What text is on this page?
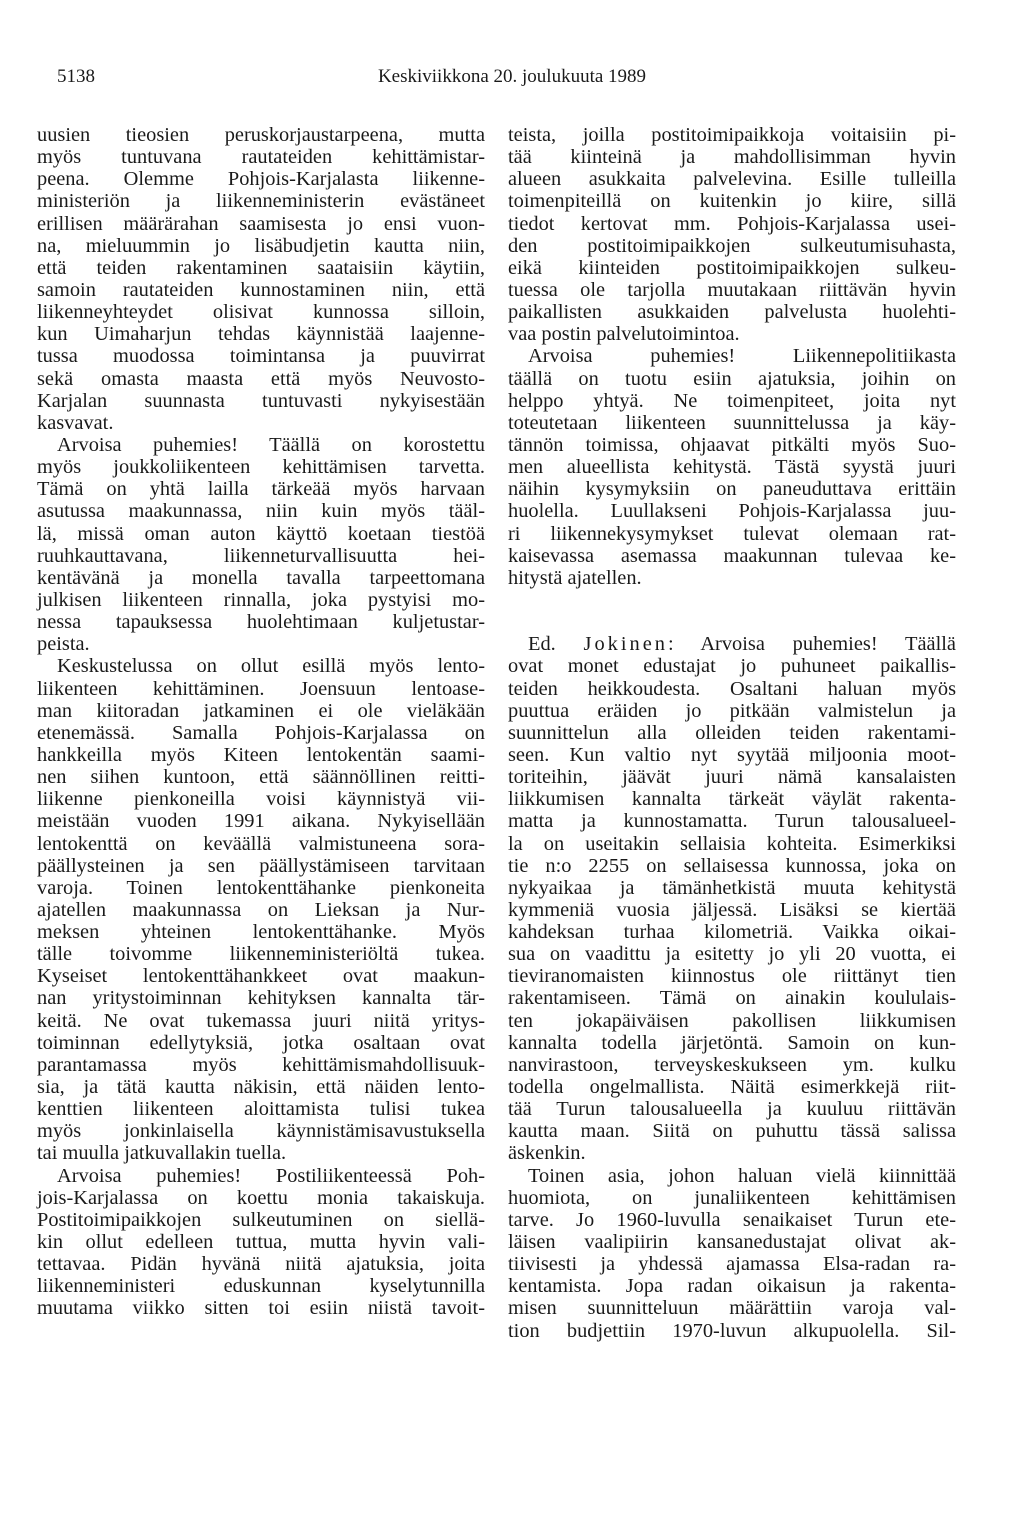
5138	Keskiviikkona 20. joulukuuta 1989
uusien tieosien peruskorjaustarpeena, mutta
myös tuntuvana rautateiden kehittämistar-
peena. Olemme Pohjois-Karjalasta liikenne-
ministeriön ja liikenneministerin evästäneet
erillisen määrärahan saamisesta jo ensi vuon-
na, mieluummin jo lisäbudjetin kautta niin,
että teiden rakentaminen saataisiin käytiin,
samoin rautateiden kunnostaminen niin, että
liikenneyhteydet olisivat kunnossa silloin,
kun Uimaharjun tehdas käynnistää laajenne-
tussa muodossa toimintansa ja puuvirrat
sekä omasta maasta että myös Neuvosto-
Karjalan suunnasta tuntuvasti nykyisestään
kasvavat.
Arvoisa puhemies! Täällä on korostettu
myös joukkoliikenteen kehittämisen tarvetta.
Tämä on yhtä lailla tärkeää myös harvaan
asutussa maakunnassa, niin kuin myös tääl-
lä, missä oman auton käyttö koetaan tiestöä
ruuhkauttavana, liikenneturvallisuutta hei-
kentävänä ja monella tavalla tarpeettomana
julkisen liikenteen rinnalla, joka pystyisi mo-
nessa tapauksessa huolehtimaan kuljetustar-
peista.
Keskustelussa on ollut esillä myös lento-
liikenteen kehittäminen. Joensuun lentoase-
man kiitoradan jatkaminen ei ole vieläkään
etenemässä. Samalla Pohjois-Karjalassa on
hankkeilla myös Kiteen lentokentän saami-
nen siihen kuntoon, että säännöllinen reitti-
liikenne pienkoneilla voisi käynnistyä vii-
meistään vuoden 1991 aikana. Nykyisellään
lentokenttä on keväällä valmistuneena sora-
päällysteinen ja sen päällystämiseen tarvitaan
varoja. Toinen lentokenttähanke pienkoneita
ajatellen maakunnassa on Lieksan ja Nur-
meksen yhteinen lentokenttähanke. Myös
tälle toivomme liikenneministeriöltä tukea.
Kyseiset lentokenttähankkeet ovat maakun-
nan yritystoiminnan kehityksen kannalta tär-
keitä. Ne ovat tukemassa juuri niitä yritys-
toiminnan edellytyksiä, jotka osaltaan ovat
parantamassa myös kehittämismahdollisuuk-
sia, ja tätä kautta näkisin, että näiden lento-
kenttien liikenteen aloittamista tulisi tukea
myös jonkinlaisella käynnistämisavustuksella
tai muulla jatkuvallakin tuella.
Arvoisa puhemies! Postiliikenteessä Poh-
jois-Karjalassa on koettu monia takaiskuja.
Postitoimipaikkojen sulkeutuminen on siellä-
kin ollut edelleen tuttua, mutta hyvin vali-
tettavaa. Pidän hyvänä niitä ajatuksia, joita
liikenneministeri eduskunnan kyselytunnilla
muutama viikko sitten toi esiin niistä tavoit-
teista, joilla postitoimipaikkoja voitaisiin pi-
tää kiinteinä ja mahdollisimman hyvin
alueen asukkaita palvelevina. Esille tulleilla
toimenpiteillä on kuitenkin jo kiire, sillä
tiedot kertovat mm. Pohjois-Karjalassa usei-
den postitoimipaikkojen sulkeutumisuhasta,
eikä kiinteiden postitoimipaikkojen sulkeu-
tuessa ole tarjolla muutakaan riittävän hyvin
paikallisten asukkaiden palvelusta huolehti-
vaa postin palvelutoimintoa.
Arvoisa puhemies! Liikennepolitiikasta
täällä on tuotu esiin ajatuksia, joihin on
helppo yhtyä. Ne toimenpiteet, joita nyt
toteutetaan liikenteen suunnittelussa ja käy-
tännön toimissa, ohjaavat pitkälti myös Suo-
men alueellista kehitystä. Tästä syystä juuri
näihin kysymyksiin on paneuduttava erittäin
huolella. Luullakseni Pohjois-Karjalassa juu-
ri liikennekysymykset tulevat olemaan rat-
kaisevassa asemassa maakunnan tulevaa ke-
hitystä ajatellen.
Ed. Jokinen: Arvoisa puhemies! Täällä
ovat monet edustajat jo puhuneet paikallis-
teiden heikkoudesta. Osaltani haluan myös
puuttua eräiden jo pitkään valmistelun ja
suunnittelun alla olleiden teiden rakentami-
seen. Kun valtio nyt syytää miljoonia moot-
toriteihin, jäävät juuri nämä kansalaisten
liikkumisen kannalta tärkeät väylät rakenta-
matta ja kunnostamatta. Turun talousalueel-
la on useitakin sellaisia kohteita. Esimerkiksi
tie n:o 2255 on sellaisessa kunnossa, joka on
nykyaikaa ja tämänhetkistä muuta kehitystä
kymmeniä vuosia jäljessä. Lisäksi se kiertää
kahdeksan turhaa kilometriä. Vaikka oikai-
sua on vaadittu ja esitetty jo yli 20 vuotta, ei
tieviranomaisten kiinnostus ole riittänyt tien
rakentamiseen. Tämä on ainakin koululais-
ten jokapäiväisen pakollisen liikkumisen
kannalta todella järjetöntä. Samoin on kun-
nanvirastoon, terveyskeskukseen ym. kulku
todella ongelmallista. Näitä esimerkkejä riit-
tää Turun talousalueella ja kuuluu riittävän
kautta maan. Siitä on puhuttu tässä salissa
äskenkin.
Toinen asia, johon haluan vielä kiinnittää
huomiota, on junaliikenteen kehittämisen
tarve. Jo 1960-luvulla senaikaiset Turun ete-
läisen vaalipiirin kansanedustajat olivat ak-
tiivisesti ja yhdessä ajamassa Elsa-radan ra-
kentamista. Jopa radan oikaisun ja rakenta-
misen suunnitteluun määrättiin varoja val-
tion budjettiin 1970-luvun alkupuolella. Sil-
